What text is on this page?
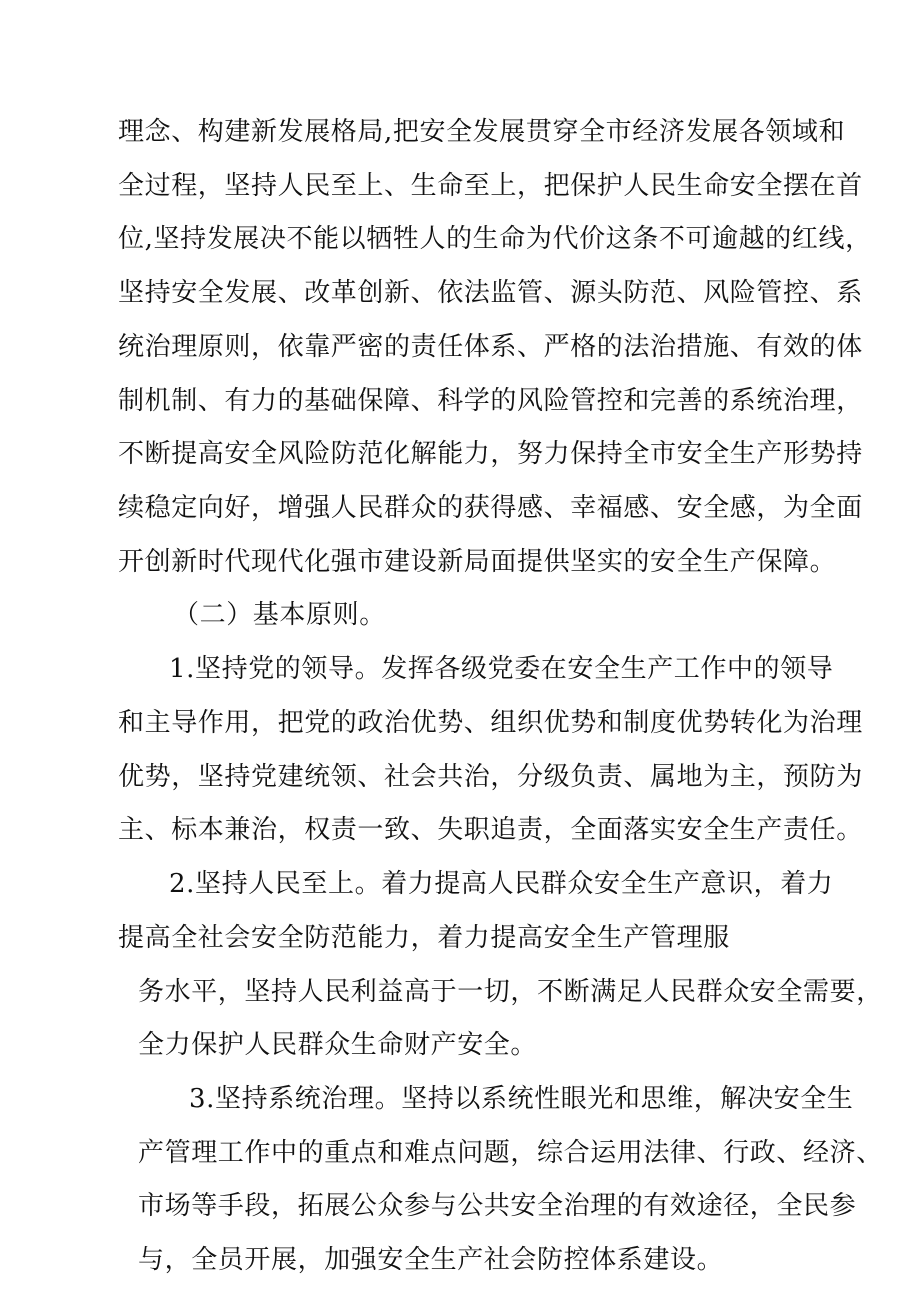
理念、构建新发展格局,把安全发展贯穿全市经济发展各领域和
全过程，坚持人民至上、生命至上，把保护人民生命安全摆在首
位,坚持发展决不能以牺牲人的生命为代价这条不可逾越的红线，
坚持安全发展、改革创新、依法监管、源头防范、风险管控、系
统治理原则，依靠严密的责任体系、严格的法治措施、有效的体
制机制、有力的基础保障、科学的风险管控和完善的系统治理，
不断提高安全风险防范化解能力，努力保持全市安全生产形势持
续稳定向好，增强人民群众的获得感、幸福感、安全感，为全面
开创新时代现代化强市建设新局面提供坚实的安全生产保障。
（二）基本原则。
1.坚持党的领导。发挥各级党委在安全生产工作中的领导
和主导作用，把党的政治优势、组织优势和制度优势转化为治理
优势，坚持党建统领、社会共治，分级负责、属地为主，预防为
主、标本兼治，权责一致、失职追责，全面落实安全生产责任。
2.坚持人民至上。着力提高人民群众安全生产意识，着力
提高全社会安全防范能力，着力提高安全生产管理服
务水平，坚持人民利益高于一切，不断满足人民群众安全需要，
全力保护人民群众生命财产安全。
3.坚持系统治理。坚持以系统性眼光和思维，解决安全生
产管理工作中的重点和难点问题，综合运用法律、行政、经济、
市场等手段，拓展公众参与公共安全治理的有效途径，全民参
与，全员开展，加强安全生产社会防控体系建设。
